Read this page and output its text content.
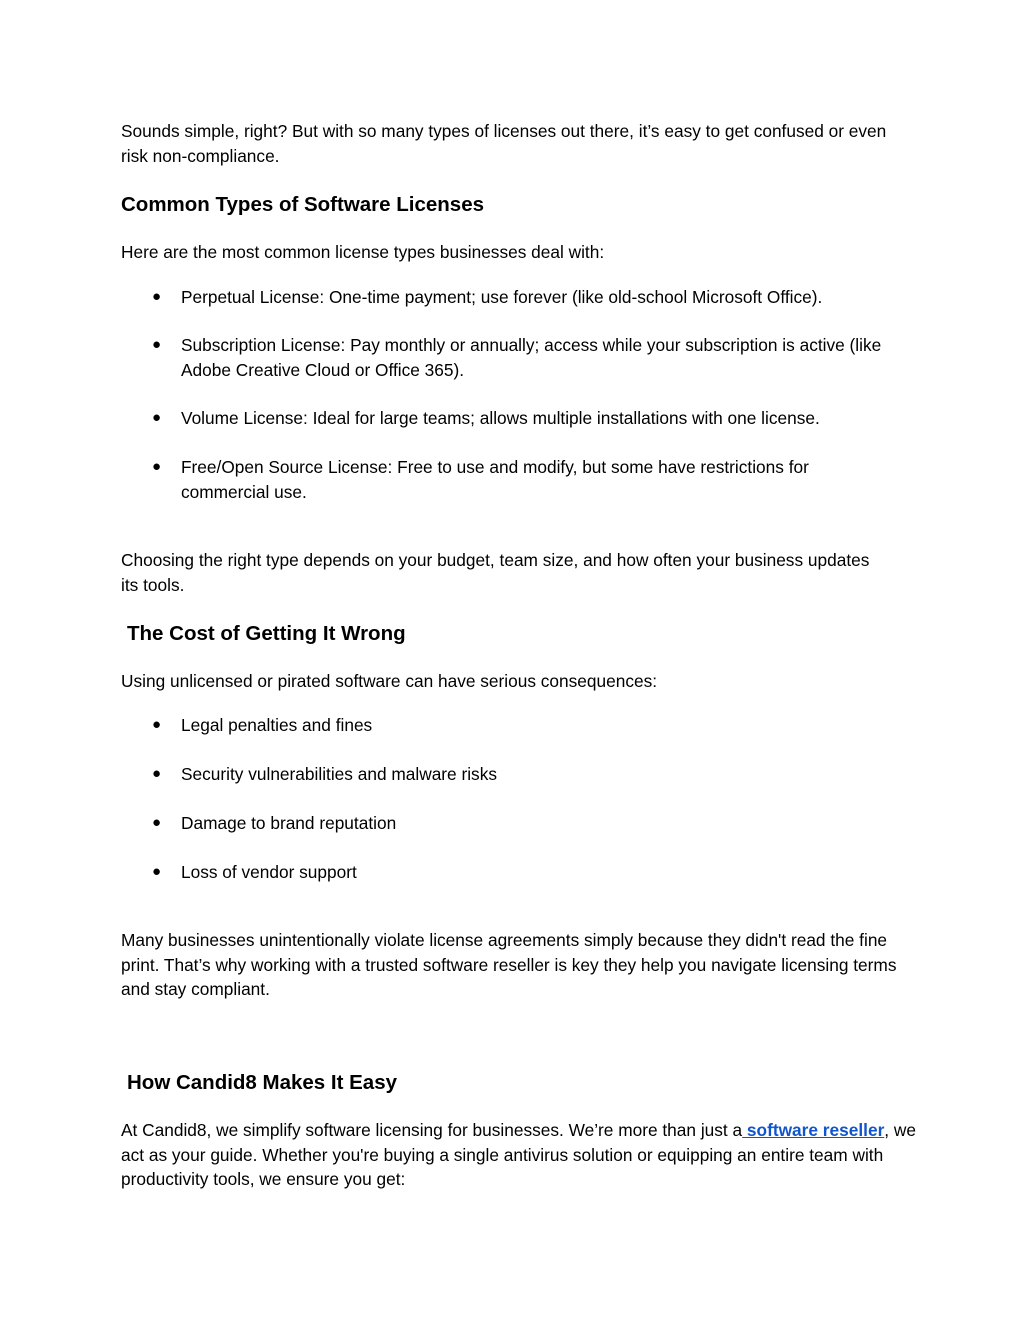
Sounds simple, right? But with so many types of licenses out there, it’s easy to get confused or even risk non-compliance.

Common Types of Software Licenses

Here are the most common license types businesses deal with:

● Perpetual License: One-time payment; use forever (like old-school Microsoft Office).

● Subscription License: Pay monthly or annually; access while your subscription is active (like Adobe Creative Cloud or Office 365).

● Volume License: Ideal for large teams; allows multiple installations with one license.

● Free/Open Source License: Free to use and modify, but some have restrictions for commercial use.

Choosing the right type depends on your budget, team size, and how often your business updates its tools.

The Cost of Getting It Wrong

Using unlicensed or pirated software can have serious consequences:

● Legal penalties and fines

● Security vulnerabilities and malware risks

● Damage to brand reputation

● Loss of vendor support

Many businesses unintentionally violate license agreements simply because they didn't read the fine print. That’s why working with a trusted software reseller is key they help you navigate licensing terms and stay compliant.

How Candid8 Makes It Easy

At Candid8, we simplify software licensing for businesses. We’re more than just a software reseller, we act as your guide. Whether you're buying a single antivirus solution or equipping an entire team with productivity tools, we ensure you get:
